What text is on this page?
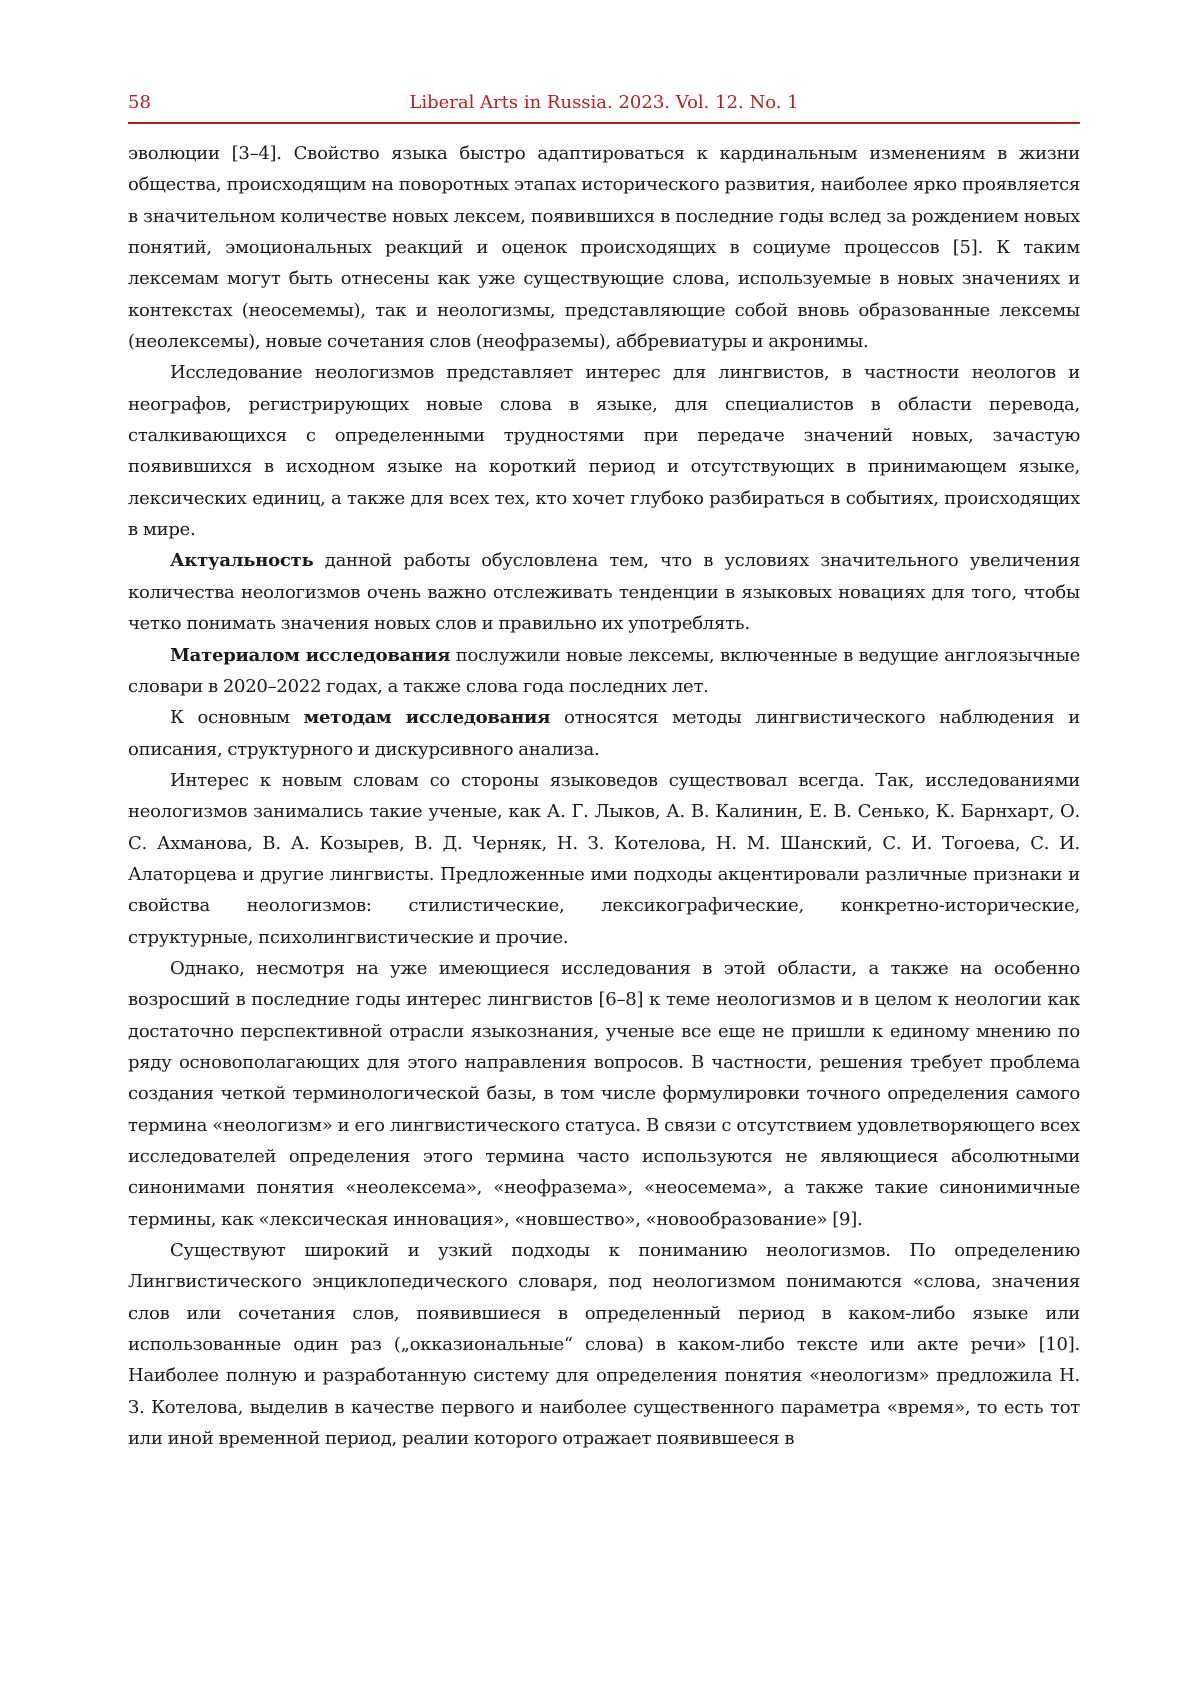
58	Liberal Arts in Russia. 2023. Vol. 12. No. 1

эволюции [3–4]. Свойство языка быстро адаптироваться к кардинальным изменениям в жизни общества, происходящим на поворотных этапах исторического развития, наиболее ярко проявляется в значительном количестве новых лексем, появившихся в последние годы вслед за рождением новых понятий, эмоциональных реакций и оценок происходящих в социуме процессов [5]. К таким лексемам могут быть отнесены как уже существующие слова, используемые в новых значениях и контекстах (неосемемы), так и неологизмы, представляющие собой вновь образованные лексемы (неолексемы), новые сочетания слов (неофраземы), аббревиатуры и акронимы.

Исследование неологизмов представляет интерес для лингвистов, в частности неологов и неографов, регистрирующих новые слова в языке, для специалистов в области перевода, сталкивающихся с определенными трудностями при передаче значений новых, зачастую появившихся в исходном языке на короткий период и отсутствующих в принимающем языке, лексических единиц, а также для всех тех, кто хочет глубоко разбираться в событиях, происходящих в мире.

Актуальность данной работы обусловлена тем, что в условиях значительного увеличения количества неологизмов очень важно отслеживать тенденции в языковых новациях для того, чтобы четко понимать значения новых слов и правильно их употреблять.

Материалом исследования послужили новые лексемы, включенные в ведущие англоязычные словари в 2020–2022 годах, а также слова года последних лет.

К основным методам исследования относятся методы лингвистического наблюдения и описания, структурного и дискурсивного анализа.

Интерес к новым словам со стороны языковедов существовал всегда. Так, исследованиями неологизмов занимались такие ученые, как А. Г. Лыков, А. В. Калинин, Е. В. Сенько, К. Барнхарт, О. С. Ахманова, В. А. Козырев, В. Д. Черняк, Н. З. Котелова, Н. М. Шанский, С. И. Тогоева, С. И. Алаторцева и другие лингвисты. Предложенные ими подходы акцентировали различные признаки и свойства неологизмов: стилистические, лексикографические, конкретно-исторические, структурные, психолингвистические и прочие.

Однако, несмотря на уже имеющиеся исследования в этой области, а также на особенно возросший в последние годы интерес лингвистов [6–8] к теме неологизмов и в целом к неологии как достаточно перспективной отрасли языкознания, ученые все еще не пришли к единому мнению по ряду основополагающих для этого направления вопросов. В частности, решения требует проблема создания четкой терминологической базы, в том числе формулировки точного определения самого термина «неологизм» и его лингвистического статуса. В связи с отсутствием удовлетворяющего всех исследователей определения этого термина часто используются не являющиеся абсолютными синонимами понятия «неолексема», «неофразема», «неосемема», а также такие синонимичные термины, как «лексическая инновация», «новшество», «новообразование» [9].

Существуют широкий и узкий подходы к пониманию неологизмов. По определению Лингвистического энциклопедического словаря, под неологизмом понимаются «слова, значения слов или сочетания слов, появившиеся в определенный период в каком-либо языке или использованные один раз („окказиональные“ слова) в каком-либо тексте или акте речи» [10]. Наиболее полную и разработанную систему для определения понятия «неологизм» предложила Н. З. Котелова, выделив в качестве первого и наиболее существенного параметра «время», то есть тот или иной временной период, реалии которого отражает появившееся в
